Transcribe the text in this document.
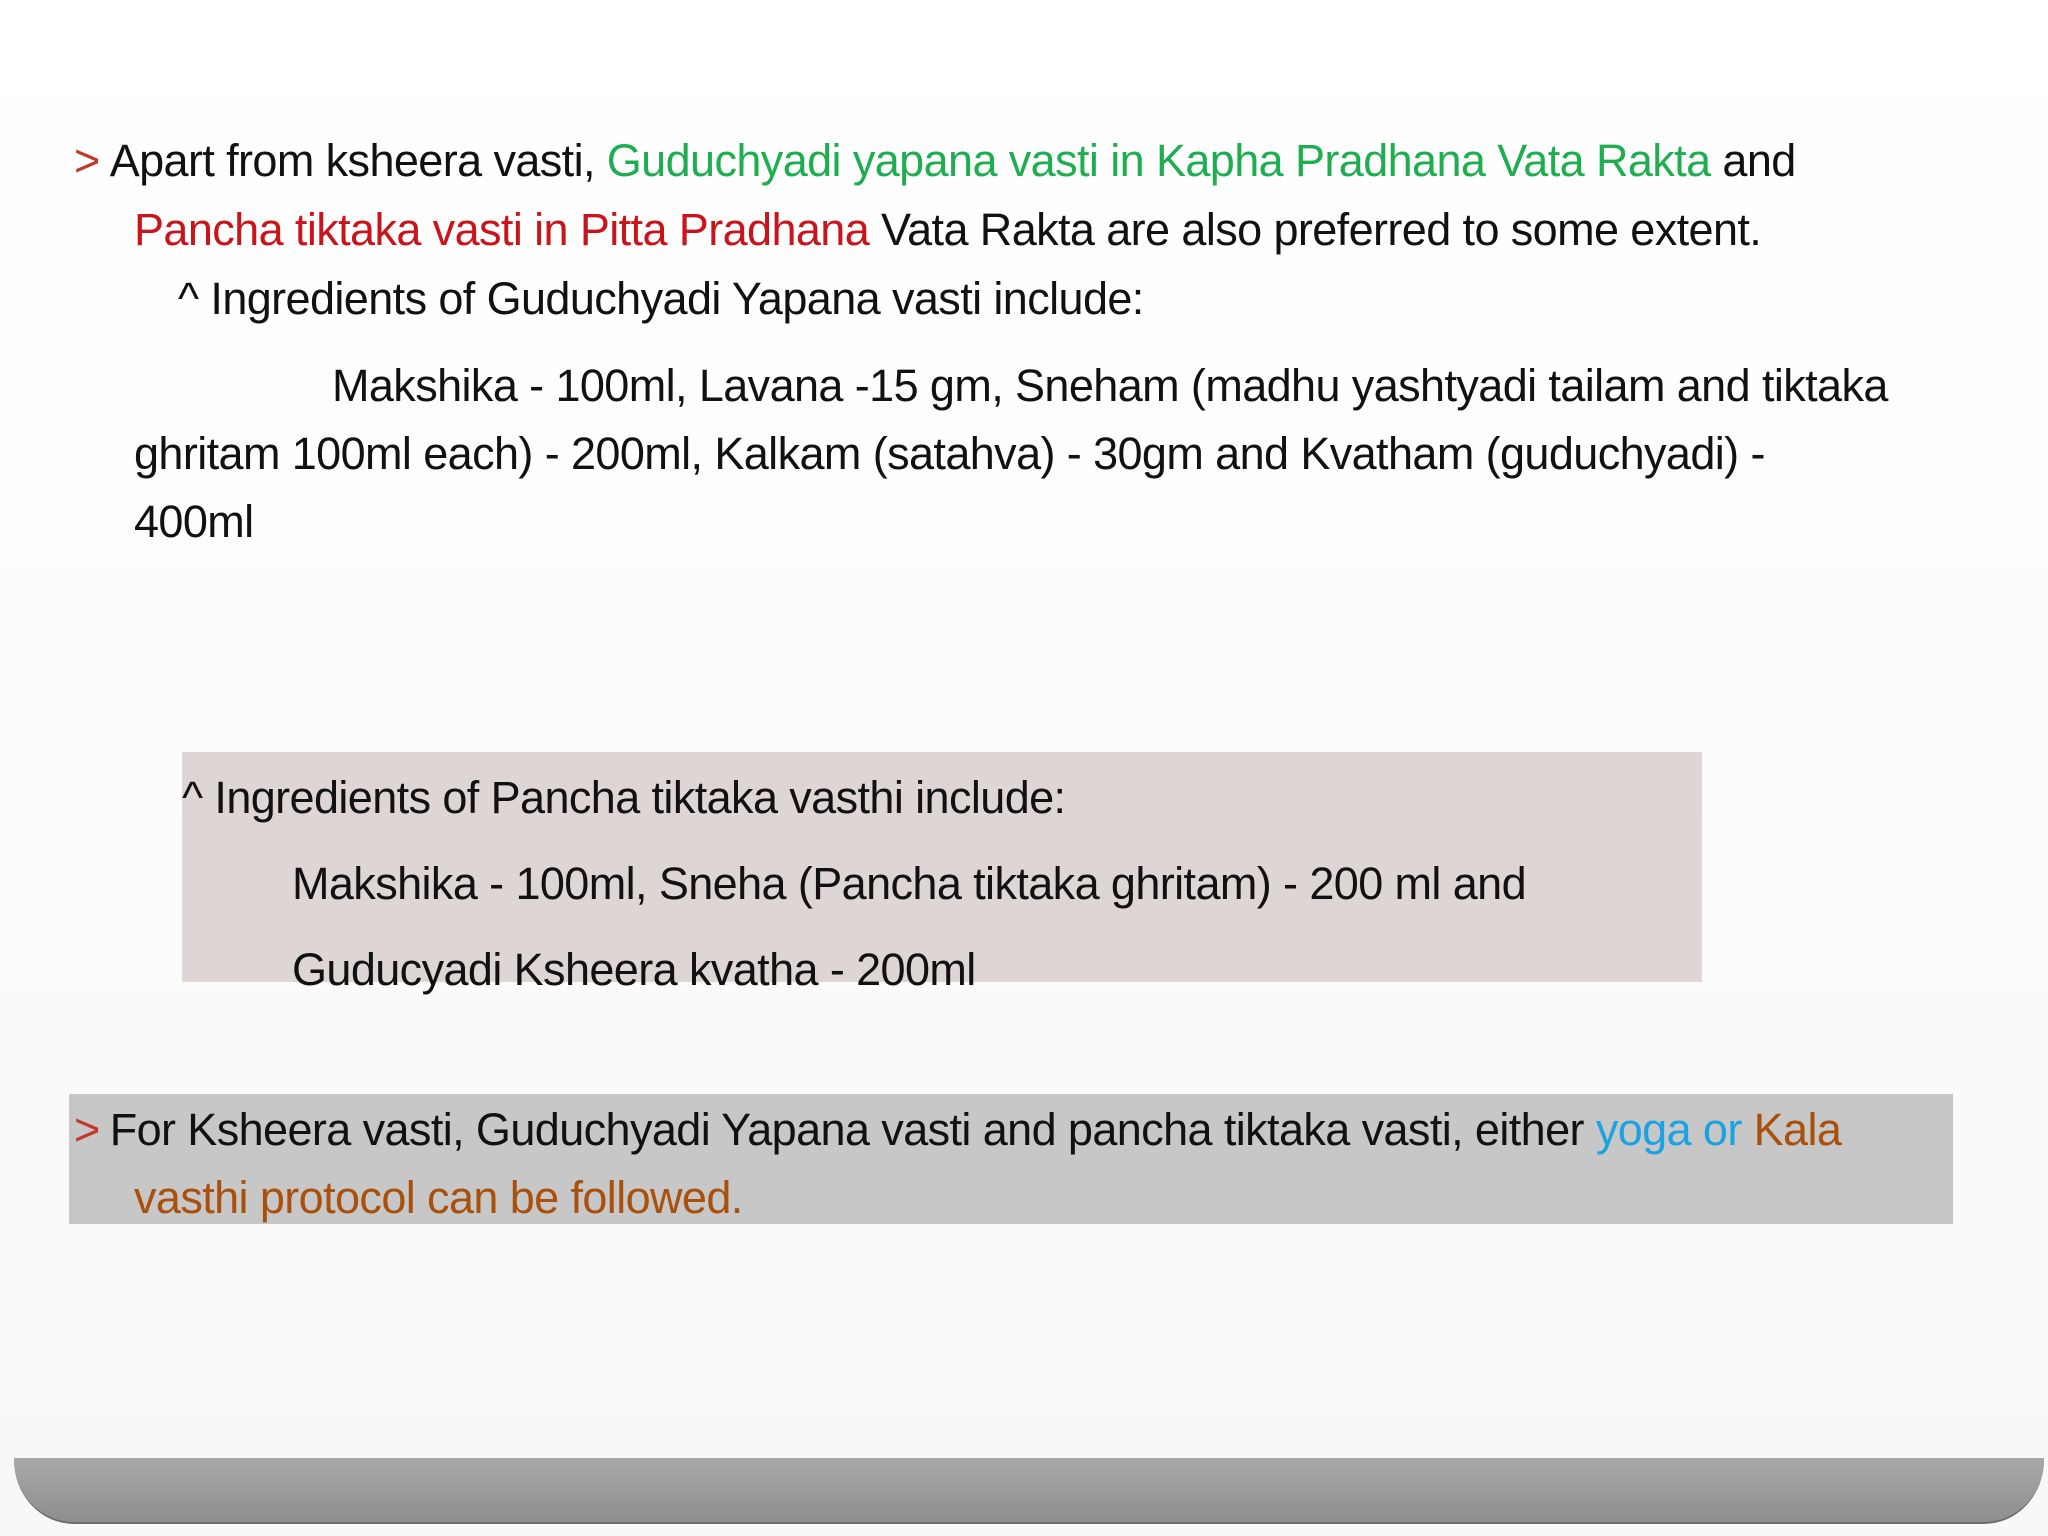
> Apart from ksheera vasti, Guduchyadi yapana vasti in Kapha Pradhana Vata Rakta and
Pancha tiktaka vasti in Pitta Pradhana Vata Rakta are also preferred to some extent.
^ Ingredients of Guduchyadi Yapana vasti include:
Makshika - 100ml, Lavana -15 gm, Sneham (madhu yashtyadi tailam and tiktaka
ghritam 100ml each) - 200ml, Kalkam (satahva) - 30gm and Kvatham (guduchyadi) -
400ml
^ Ingredients of Pancha tiktaka vasthi include:
Makshika - 100ml, Sneha (Pancha tiktaka ghritam) - 200 ml and
Guducyadi Ksheera kvatha - 200ml
> For Ksheera vasti, Guduchyadi Yapana vasti and pancha tiktaka vasti, either yoga or Kala
vasthi protocol can be followed.
